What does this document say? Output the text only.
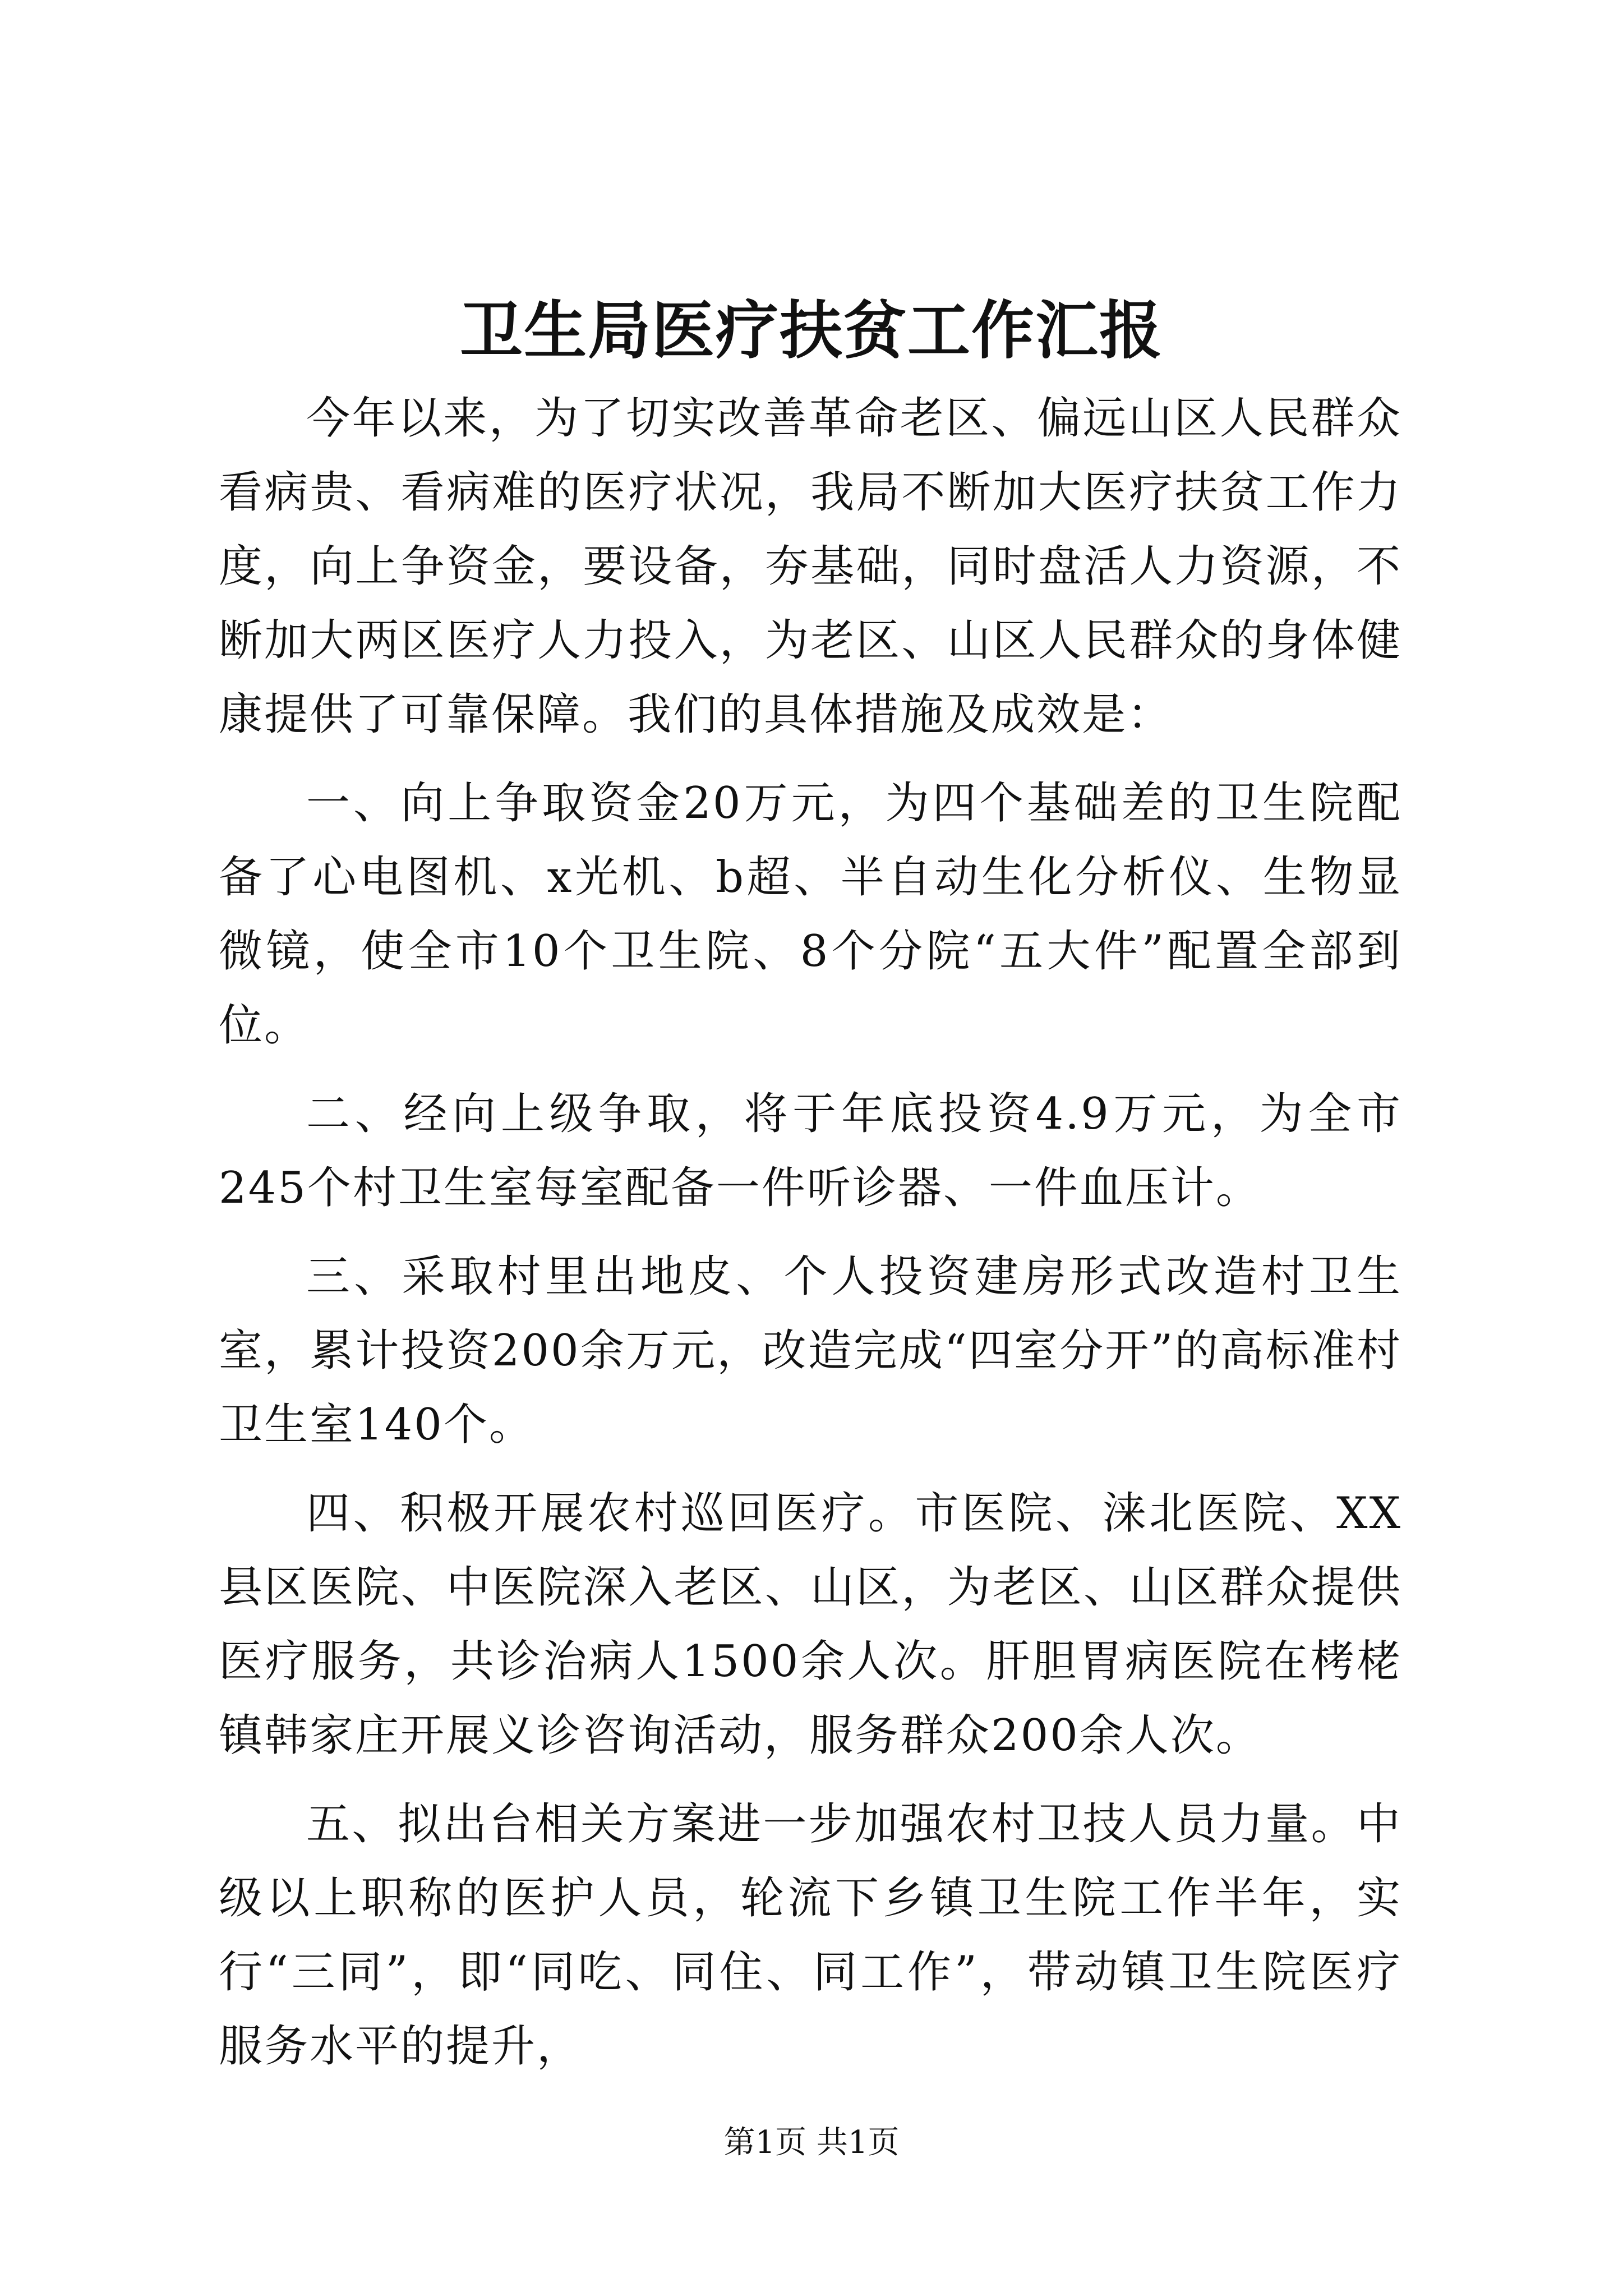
卫生局医疗扶贫工作汇报

今年以来，为了切实改善革命老区、偏远山区人民群众看病贵、看病难的医疗状况，我局不断加大医疗扶贫工作力度，向上争资金，要设备，夯基础，同时盘活人力资源，不断加大两区医疗人力投入，为老区、山区人民群众的身体健康提供了可靠保障。我们的具体措施及成效是：

一、向上争取资金20万元，为四个基础差的卫生院配备了心电图机、x光机、b超、半自动生化分析仪、生物显微镜，使全市10个卫生院、8个分院“五大件”配置全部到位。

二、经向上级争取，将于年底投资4.9万元，为全市245个村卫生室每室配备一件听诊器、一件血压计。

三、采取村里出地皮、个人投资建房形式改造村卫生室，累计投资200余万元，改造完成“四室分开”的高标准村卫生室140个。

四、积极开展农村巡回医疗。市医院、涞北医院、XX县区医院、中医院深入老区、山区，为老区、山区群众提供医疗服务，共诊治病人1500余人次。肝胆胃病医院在栲栳镇韩家庄开展义诊咨询活动，服务群众200余人次。

五、拟出台相关方案进一步加强农村卫技人员力量。中级以上职称的医护人员，轮流下乡镇卫生院工作半年，实行“三同”，即“同吃、同住、同工作”，带动镇卫生院医疗服务水平的提升，

第1页 共1页
